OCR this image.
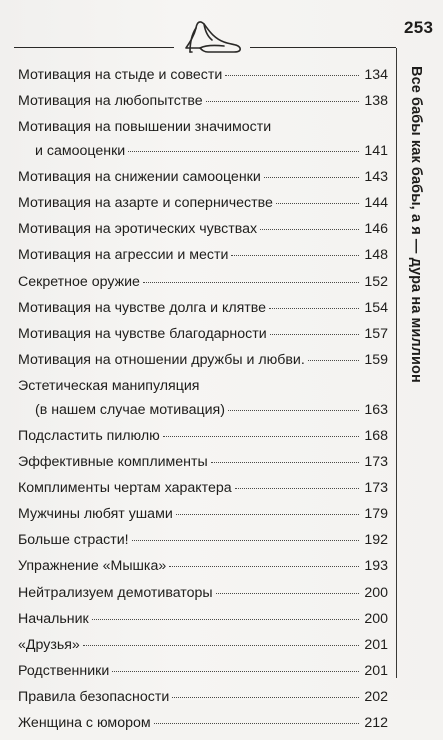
253
Все бабы как бабы, а я — дура на миллион
Мотивация на стыде и совести	134
Мотивация на любопытстве	138
Мотивация на повышении значимости
и самооценки	141
Мотивация на снижении самооценки	143
Мотивация на азарте и соперничестве	144
Мотивация на эротических чувствах	146
Мотивация на агрессии и мести	148
Секретное оружие	152
Мотивация на чувстве долга и клятве	154
Мотивация на чувстве благодарности	157
Мотивация на отношении дружбы и любви.	159
Эстетическая манипуляция
(в нашем случае мотивация)	163
Подсластить пилюлю	168
Эффективные комплименты	173
Комплименты чертам характера	173
Мужчины любят ушами	179
Больше страсти!	192
Упражнение «Мышка»	193
Нейтрализуем демотиваторы	200
Начальник	200
«Друзья»	201
Родственники	201
Правила безопасности	202
Женщина с юмором	212
